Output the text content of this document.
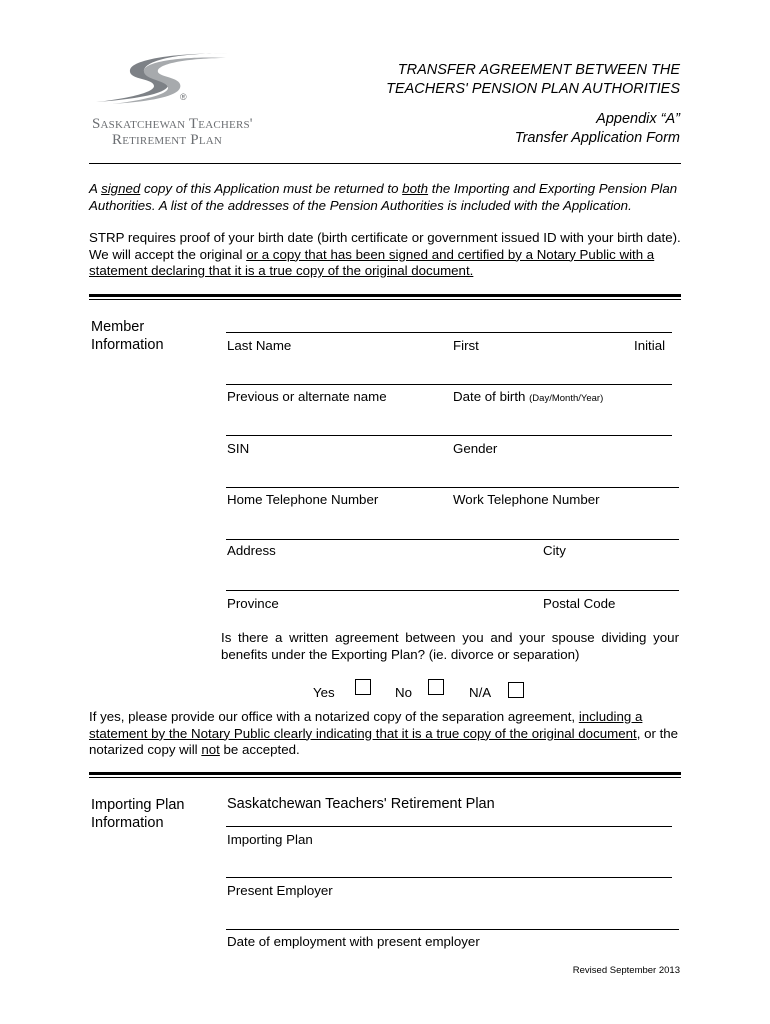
®
Saskatchewan Teachers'
Retirement Plan
TRANSFER AGREEMENT BETWEEN THE
TEACHERS' PENSION PLAN AUTHORITIES
Appendix “A”
Transfer Application Form
A signed copy of this Application must be returned to both the Importing and Exporting Pension Plan Authorities. A list of the addresses of the Pension Authorities is included with the Application.
STRP requires proof of your birth date (birth certificate or government issued ID with your birth date). We will accept the original or a copy that has been signed and certified by a Notary Public with a statement declaring that it is a true copy of the original document.
Member
Information	Last Name	First	Initial
Previous or alternate name	Date of birth (Day/Month/Year)
SIN	Gender
Home Telephone Number	Work Telephone Number
Address	City
Province	Postal Code
Is there a written agreement between you and your spouse dividing your benefits under the Exporting Plan? (ie. divorce or separation)
Yes	No	N/A
If yes, please provide our office with a notarized copy of the separation agreement, including a statement by the Notary Public clearly indicating that it is a true copy of the original document, or the notarized copy will not be accepted.
Importing Plan
Information
Saskatchewan Teachers' Retirement Plan
Importing Plan
Present Employer
Date of employment with present employer
Revised September 2013
